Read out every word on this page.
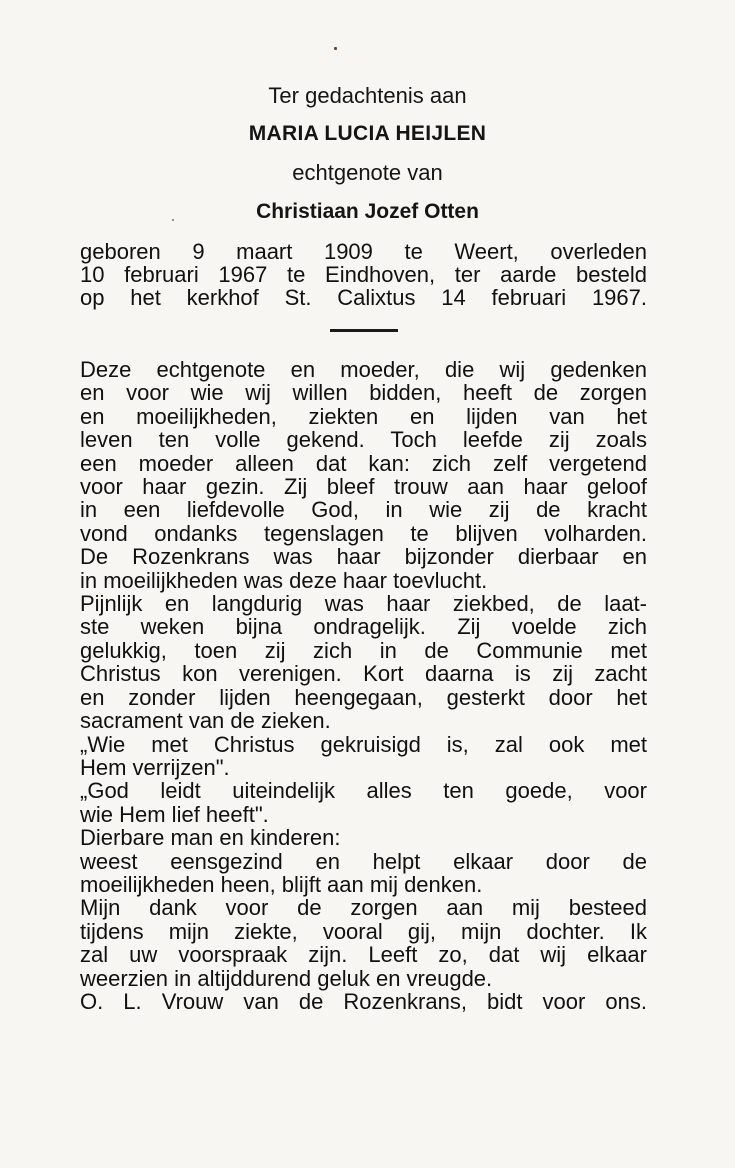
Ter gedachtenis aan
MARIA LUCIA HEIJLEN
echtgenote van
Christiaan Jozef Otten
geboren 9 maart 1909 te Weert, overleden
10 februari 1967 te Eindhoven, ter aarde besteld
op het kerkhof St. Calixtus 14 februari 1967.
Deze echtgenote en moeder, die wij gedenken
en voor wie wij willen bidden, heeft de zorgen
en moeilijkheden, ziekten en lijden van het
leven ten volle gekend. Toch leefde zij zoals
een moeder alleen dat kan: zich zelf vergetend
voor haar gezin. Zij bleef trouw aan haar geloof
in een liefdevolle God, in wie zij de kracht
vond ondanks tegenslagen te blijven volharden.
De Rozenkrans was haar bijzonder dierbaar en
in moeilijkheden was deze haar toevlucht.
Pijnlijk en langdurig was haar ziekbed, de laat-
ste weken bijna ondragelijk. Zij voelde zich
gelukkig, toen zij zich in de Communie met
Christus kon verenigen. Kort daarna is zij zacht
en zonder lijden heengegaan, gesterkt door het
sacrament van de zieken.
„Wie met Christus gekruisigd is, zal ook met
Hem verrijzen".
„God leidt uiteindelijk alles ten goede, voor
wie Hem lief heeft".
Dierbare man en kinderen:
weest eensgezind en helpt elkaar door de
moeilijkheden heen, blijft aan mij denken.
Mijn dank voor de zorgen aan mij besteed
tijdens mijn ziekte, vooral gij, mijn dochter. Ik
zal uw voorspraak zijn. Leeft zo, dat wij elkaar
weerzien in altijddurend geluk en vreugde.
O. L. Vrouw van de Rozenkrans, bidt voor ons.
